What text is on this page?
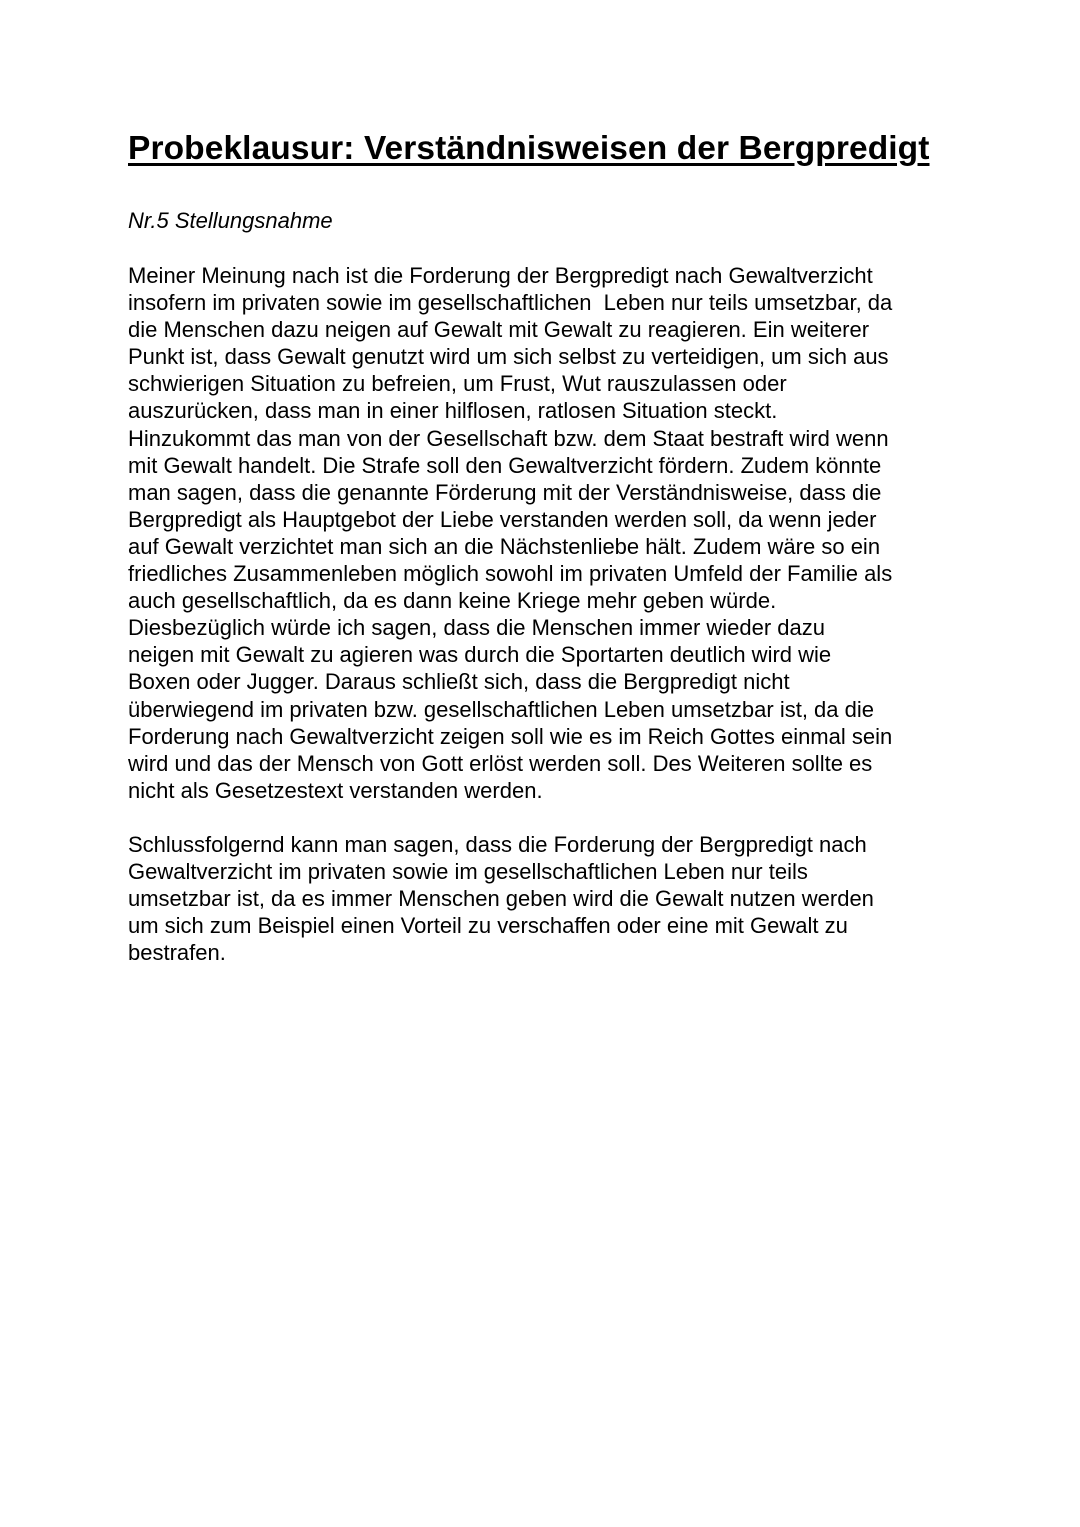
Probeklausur: Verständnisweisen der Bergpredigt

Nr.5 Stellungsnahme

Meiner Meinung nach ist die Forderung der Bergpredigt nach Gewaltverzicht
insofern im privaten sowie im gesellschaftlichen  Leben nur teils umsetzbar, da
die Menschen dazu neigen auf Gewalt mit Gewalt zu reagieren. Ein weiterer
Punkt ist, dass Gewalt genutzt wird um sich selbst zu verteidigen, um sich aus
schwierigen Situation zu befreien, um Frust, Wut rauszulassen oder
auszurücken, dass man in einer hilflosen, ratlosen Situation steckt.
Hinzukommt das man von der Gesellschaft bzw. dem Staat bestraft wird wenn
mit Gewalt handelt. Die Strafe soll den Gewaltverzicht fördern. Zudem könnte
man sagen, dass die genannte Förderung mit der Verständnisweise, dass die
Bergpredigt als Hauptgebot der Liebe verstanden werden soll, da wenn jeder
auf Gewalt verzichtet man sich an die Nächstenliebe hält. Zudem wäre so ein
friedliches Zusammenleben möglich sowohl im privaten Umfeld der Familie als
auch gesellschaftlich, da es dann keine Kriege mehr geben würde.
Diesbezüglich würde ich sagen, dass die Menschen immer wieder dazu
neigen mit Gewalt zu agieren was durch die Sportarten deutlich wird wie
Boxen oder Jugger. Daraus schließt sich, dass die Bergpredigt nicht
überwiegend im privaten bzw. gesellschaftlichen Leben umsetzbar ist, da die
Forderung nach Gewaltverzicht zeigen soll wie es im Reich Gottes einmal sein
wird und das der Mensch von Gott erlöst werden soll. Des Weiteren sollte es
nicht als Gesetzestext verstanden werden.
Schlussfolgernd kann man sagen, dass die Forderung der Bergpredigt nach
Gewaltverzicht im privaten sowie im gesellschaftlichen Leben nur teils
umsetzbar ist, da es immer Menschen geben wird die Gewalt nutzen werden
um sich zum Beispiel einen Vorteil zu verschaffen oder eine mit Gewalt zu
bestrafen.
